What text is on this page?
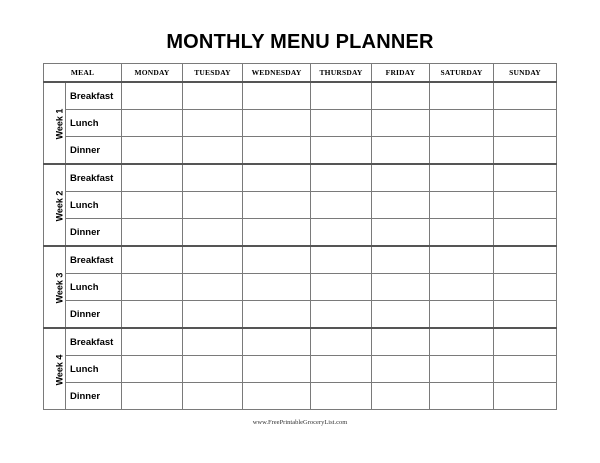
MONTHLY MENU PLANNER
MEAL		MONDAY	TUESDAY	WEDNESDAY	THURSDAY	FRIDAY	SATURDAY	SUNDAY
Week 1	Breakfast							
	Lunch							
	Dinner							
Week 2	Breakfast							
	Lunch							
	Dinner							
Week 3	Breakfast							
	Lunch							
	Dinner							
Week 4	Breakfast							
	Lunch							
	Dinner							
www.FreePrintableGroceryList.com
